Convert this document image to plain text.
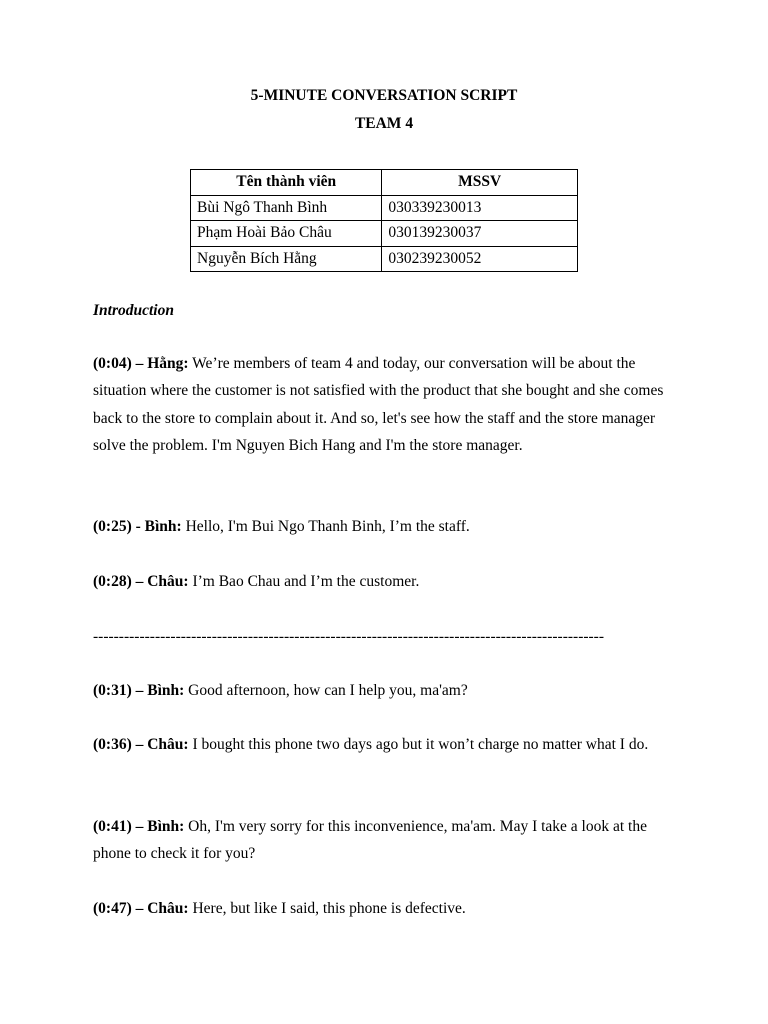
5-MINUTE CONVERSATION SCRIPT

TEAM 4

Tên thành viên	MSSV
Bùi Ngô Thanh Bình	030339230013
Phạm Hoài Bảo Châu	030139230037
Nguyễn Bích Hằng	030239230052

Introduction

(0:04) – Hằng: We’re members of team 4 and today, our conversation will be about the situation where the customer is not satisfied with the product that she bought and she comes back to the store to complain about it. And so, let's see how the staff and the store manager solve the problem. I'm Nguyen Bich Hang and I'm the store manager.

(0:25) - Bình: Hello, I'm Bui Ngo Thanh Binh, I’m the staff.

(0:28) – Châu: I’m Bao Chau and I’m the customer.

---------------------------------------------------------------------------------------------------

(0:31) – Bình: Good afternoon, how can I help you, ma'am?

(0:36) – Châu: I bought this phone two days ago but it won’t charge no matter what I do.

(0:41) – Bình: Oh, I'm very sorry for this inconvenience, ma'am. May I take a look at the phone to check it for you?

(0:47) – Châu: Here, but like I said, this phone is defective.
